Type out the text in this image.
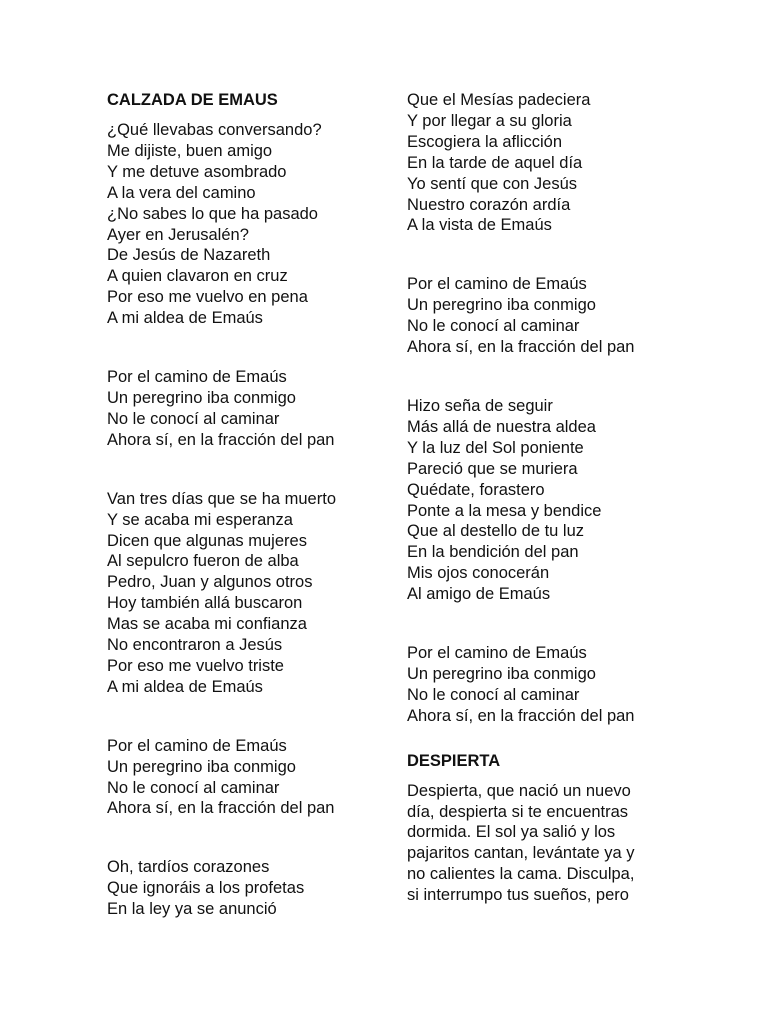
CALZADA DE EMAUS
¿Qué llevabas conversando?
Me dijiste, buen amigo
Y me detuve asombrado
A la vera del camino
¿No sabes lo que ha pasado
Ayer en Jerusalén?
De Jesús de Nazareth
A quien clavaron en cruz
Por eso me vuelvo en pena
A mi aldea de Emaús
Por el camino de Emaús
Un peregrino iba conmigo
No le conocí al caminar
Ahora sí, en la fracción del pan
Van tres días que se ha muerto
Y se acaba mi esperanza
Dicen que algunas mujeres
Al sepulcro fueron de alba
Pedro, Juan y algunos otros
Hoy también allá buscaron
Mas se acaba mi confianza
No encontraron a Jesús
Por eso me vuelvo triste
A mi aldea de Emaús
Por el camino de Emaús
Un peregrino iba conmigo
No le conocí al caminar
Ahora sí, en la fracción del pan
Oh, tardíos corazones
Que ignoráis a los profetas
En la ley ya se anunció
Que el Mesías padeciera
Y por llegar a su gloria
Escogiera la aflicción
En la tarde de aquel día
Yo sentí que con Jesús
Nuestro corazón ardía
A la vista de Emaús
Por el camino de Emaús
Un peregrino iba conmigo
No le conocí al caminar
Ahora sí, en la fracción del pan
Hizo seña de seguir
Más allá de nuestra aldea
Y la luz del Sol poniente
Pareció que se muriera
Quédate, forastero
Ponte a la mesa y bendice
Que al destello de tu luz
En la bendición del pan
Mis ojos conocerán
Al amigo de Emaús
Por el camino de Emaús
Un peregrino iba conmigo
No le conocí al caminar
Ahora sí, en la fracción del pan
DESPIERTA
Despierta, que nació un nuevo
día, despierta si te encuentras
dormida. El sol ya salió y los
pajaritos cantan, levántate ya y
no calientes la cama. Disculpa,
si interrumpo tus sueños, pero
